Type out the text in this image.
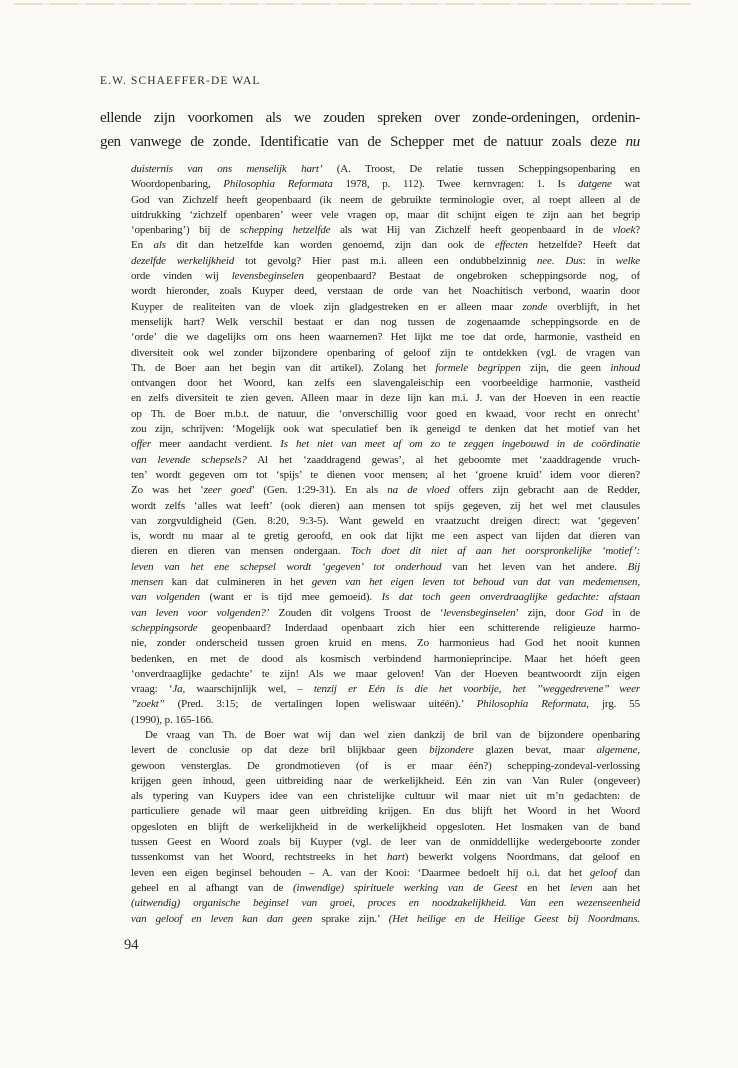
E.W. SCHAEFFER-DE WAL
ellende zijn voorkomen als we zouden spreken over zonde-ordeningen, ordenin-
gen vanwege de zonde. Identificatie van de Schepper met de natuur zoals deze nu
duisternis van ons menselijk hart’ (A. Troost, De relatie tussen Scheppingsopenbaring en
Woordopenbaring, Philosophia Reformata 1978, p. 112). Twee kernvragen: 1. Is datgene wat
God van Zichzelf heeft geopenbaard (ik neem de gebruikte terminologie over, al roept alleen al de
uitdrukking ‘zichzelf openbaren’ weer vele vragen op, maar dit schijnt eigen te zijn aan het begrip
‘openbaring’) bij de schepping hetzelfde als wat Hij van Zichzelf heeft geopenbaard in de vloek?
En als dit dan hetzelfde kan worden genoemd, zijn dan ook de effecten hetzelfde? Heeft dat
dezelfde werkelijkheid tot gevolg? Hier past m.i. alleen een ondubbelzinnig nee. Dus: in welke
orde vinden wij levensbeginselen geopenbaard? Bestaat de ongebroken scheppingsorde nog, of
wordt hieronder, zoals Kuyper deed, verstaan de orde van het Noachitisch verbond, waarin door
Kuyper de realiteiten van de vloek zijn gladgestreken en er alleen maar zonde overblijft, in het
menselijk hart? Welk verschil bestaat er dan nog tussen de zogenaamde scheppingsorde en de
‘orde’ die we dagelijks om ons heen waarnemen? Het lijkt me toe dat orde, harmonie, vastheid en
diversiteit ook wel zonder bijzondere openbaring of geloof zijn te ontdekken (vgl. de vragen van
Th. de Boer aan het begin van dit artikel). Zolang het formele begrippen zijn, die geen inhoud
ontvangen door het Woord, kan zelfs een slavengaleischip een voorbeeldige harmonie, vastheid
en zelfs diversiteit te zien geven. Alleen maar in deze lijn kan m.i. J. van der Hoeven in een reactie
op Th. de Boer m.b.t. de natuur, die ‘onverschillig voor goed en kwaad, voor recht en onrecht’
zou zijn, schrijven: ‘Mogelijk ook wat speculatief ben ik geneigd te denken dat het motief van het
offer meer aandacht verdient. Is het niet van meet af om zo te zeggen ingebouwd in de coördinatie
van levende schepsels? Al het ‘zaaddragend gewas’, al het geboomte met ‘zaaddragende vruch-
ten’ wordt gegeven om tot ‘spijs’ te dienen voor mensen; al het ‘groene kruid’ idem voor dieren?
Zo was het ‘zeer goed’ (Gen. 1:29-31). En als na de vloed offers zijn gebracht aan de Redder,
wordt zelfs ‘alles wat leeft’ (ook dieren) aan mensen tot spijs gegeven, zij het wel met clausules
van zorgvuldigheid (Gen. 8:20, 9:3-5). Want geweld en vraatzucht dreigen direct: wat ‘gegeven’
is, wordt nu maar al te gretig geroofd, en ook dat lijkt me een aspect van lijden dat dieren van
dieren en dieren van mensen ondergaan. Toch doet dit niet af aan het oorspronkelijke ‘motief’:
leven van het ene schepsel wordt ‘gegeven’ tot onderhoud van het leven van het andere. Bij
mensen kan dat culmineren in het geven van het eigen leven tot behoud van dat van medemensen,
van volgenden (want er is tijd mee gemoeid). Is dat toch geen onverdraaglijke gedachte: afstaan
van leven voor volgenden?’ Zouden dit volgens Troost de ‘levensbeginselen’ zijn, door God in de
scheppingsorde geopenbaard? Inderdaad openbaart zich hier een schitterende religieuze harmo-
nie, zonder onderscheid tussen groen kruid en mens. Zo harmonieus had God het nooit kunnen
bedenken, en met de dood als kosmisch verbindend harmonieprincipe. Maar het hóeft geen
‘onverdraaglijke gedachte’ te zijn! Als we maar geloven! Van der Hoeven beantwoordt zijn eigen
vraag: ‘Ja, waarschijnlijk wel, – tenzij er Eén is die het voorbije, het ’’weggedrevene’’ weer
’’zoekt’’ (Pred. 3:15; de vertalingen lopen weliswaar uitéén).’ Philosophia Reformata, jrg. 55
(1990), p. 165-166.
De vraag van Th. de Boer wat wij dan wel zien dankzij de bril van de bijzondere openbaring
levert de conclusie op dat deze bril blijkbaar geen bijzondere glazen bevat, maar algemene,
gewoon vensterglas. De grondmotieven (of is er maar één?) schepping-zondeval-verlossing
krijgen geen inhoud, geen uitbreiding naar de werkelijkheid. Eén zin van Van Ruler (ongeveer)
als typering van Kuypers idee van een christelijke cultuur wil maar niet uit m’n gedachten: de
particuliere genade wil maar geen uitbreiding krijgen. En dus blijft het Woord in het Woord
opgesloten en blijft de werkelijkheid in de werkelijkheid opgesloten. Het losmaken van de band
tussen Geest en Woord zoals bij Kuyper (vgl. de leer van de onmiddellijke wedergeboorte zonder
tussenkomst van het Woord, rechtstreeks in het hart) bewerkt volgens Noordmans, dat geloof en
leven een eigen beginsel behouden – A. van der Kooi: ‘Daarmee bedoelt hij o.i. dat het geloof dan
geheel en al afhangt van de (inwendige) spirituele werking van de Geest en het leven aan het
(uitwendig) organische beginsel van groei, proces en noodzakelijkheid. Van een wezenseenheid
van geloof en leven kan dan geen sprake zijn.’ (Het heilige en de Heilige Geest bij Noordmans.
94
